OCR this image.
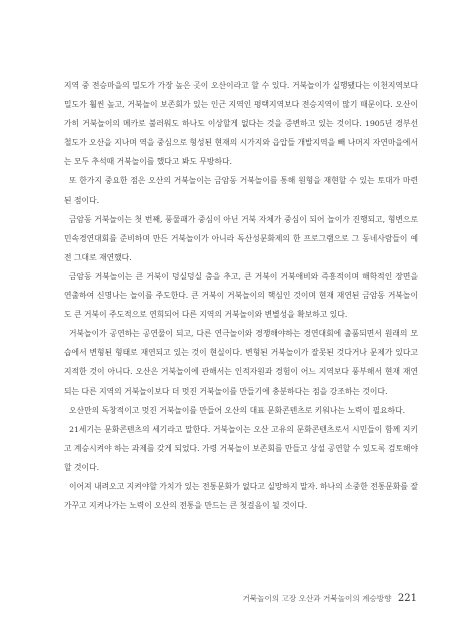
지역 중 전승마을의 밀도가 가장 높은 곳이 오산이라고 할 수 있다. 거북놀이가 실행됐다는 이천지역보다 밀도가 훨씬 높고, 거북놀이 보존회가 있는 인근 지역인 평택지역보다 전승지역이 많기 때문이다. 오산이 가히 거북놀이의 메카로 불러워도 하나도 이상할게 없다는 것을 증변하고 있는 것이다. 1905년 경부선 철도가 오산을 지나며 역을 중심으로 형성된 현재의 시가지와 읍압들 개발지역을 빼 나머지 자연마을에서는 모두 추석때 거북놀이를 했다고 봐도 무방하다.

또 한가지 중요한 점은 오산의 거북놀이는 금암동 거북놀이를 통해 원형을 재현할 수 있는 토대가 마련된 점이다.

금암동 거북놀이는 첫 번째, 풍물패가 중심이 아닌 거북 자체가 중심이 되어 놀이가 진행되고, 형변으로 민속경연대회를 준비하며 만든 거북놀이가 아니라 독산성문화제의 한 프로그램으로 그 동네사람들이 예전 그대로 재연했다.

금암동 거북놀이는 큰 거북이 덩실덩실 춤을 추고, 큰 거북이 거북애비와 즉흥적이며 해학적인 장면을 연출하여 신명나는 놀이를 주도한다. 큰 거북이 거북놀이의 핵심인 것이며 현재 재연된 금암동 거북놀이도 큰 거북이 주도적으로 연희되어 다른 지역의 거북놀이와 변별성을 확보하고 있다.

거북놀이가 공연하는 공연물이 되고, 다른 연극놀이와 경쟁해야하는 경연대회에 출품되면서 원래의 모습에서 변형된 형태로 재연되고 있는 것이 현실이다. 변형된 거북놀이가 잘못된 것다거나 문제가 있다고 지적한 것이 아니다. 오산은 거북놀이에 관해서는 인적자원과 경험이 어느 지역보다 풍부해서 현재 재연되는 다른 지역의 거북놀이보다 더 멋진 거북놀이를 만들기에 충분하다는 점을 강조하는 것이다.

오산만의 독창적이고 멋진 거북놀이를 만들어 오산의 대표 문화콘텐츠로 키워나는 노력이 필요하다.

21세기는 문화콘텐츠의 세기라고 말한다. 거북놀이는 오산 고유의 문화콘텐츠로서 시민들이 함께 지키고 계승시켜야 하는 과제를 갖게 되었다. 가령 거북놀이 보존회를 만들고 상설 공연할 수 있도록 검토해야 할 것이다.

이어져 내려오고 지켜야할 가치가 있는 전통문화가 없다고 실망하지 말자. 하나의 소중한 전통문화를 잘 가꾸고 지켜나가는 노력이 오산의 전통을 만드는 큰 첫걸음이 될 것이다.

거북놀이의 고장 오산과 거북놀이의 계승방향 221
